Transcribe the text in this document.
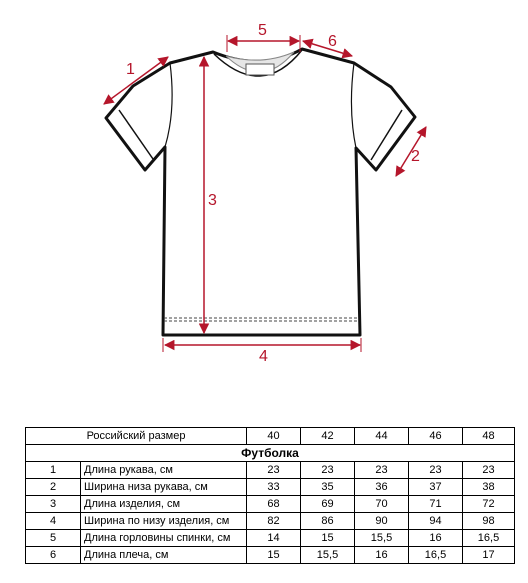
1
2
3
4
5
6
Российский размер		40	42	44	46	48
Футболка						
1	Длина рукава, см	23	23	23	23	23
2	Ширина низа рукава, см	33	35	36	37	38
3	Длина изделия, см	68	69	70	71	72
4	Ширина по низу изделия, см	82	86	90	94	98
5	Длина горловины спинки, см	14	15	15,5	16	16,5
6	Длина плеча, см	15	15,5	16	16,5	17
